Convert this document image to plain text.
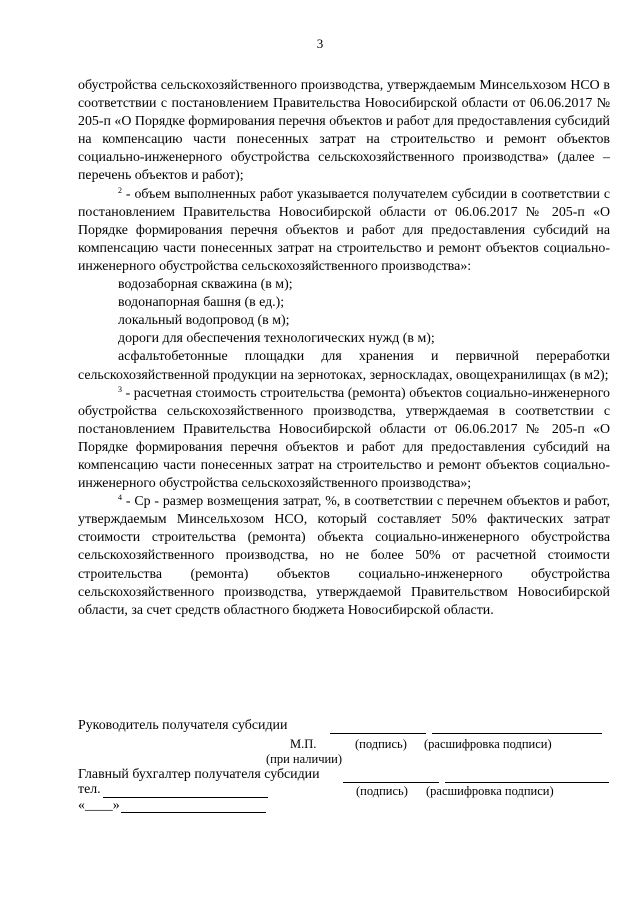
3

обустройства сельскохозяйственного производства, утверждаемым Минсельхозом НСО в соответствии с постановлением Правительства Новосибирской области от 06.06.2017 № 205-п «О Порядке формирования перечня объектов и работ для предоставления субсидий на компенсацию части понесенных затрат на строительство и ремонт объектов социально-инженерного обустройства сельскохозяйственного производства» (далее – перечень объектов и работ);

$^2$ - объем выполненных работ указывается получателем субсидии в соответствии с постановлением Правительства Новосибирской области от 06.06.2017 № 205-п «О Порядке формирования перечня объектов и работ для предоставления субсидий на компенсацию части понесенных затрат на строительство и ремонт объектов социально-инженерного обустройства сельскохозяйственного производства»:

водозаборная скважина (в м);

водонапорная башня (в ед.);

локальный водопровод (в м);

дороги для обеспечения технологических нужд (в м);

асфальтобетонные площадки для хранения и первичной переработки сельскохозяйственной продукции на зернотоках, зерноскладах, овощехранилищах (в м2);

$^3$ - расчетная стоимость строительства (ремонта) объектов социально-инженерного обустройства сельскохозяйственного производства, утверждаемая в соответствии с постановлением Правительства Новосибирской области от 06.06.2017 № 205-п «О Порядке формирования перечня объектов и работ для предоставления субсидий на компенсацию части понесенных затрат на строительство и ремонт объектов социально-инженерного обустройства сельскохозяйственного производства»;

$^4$ - Ср - размер возмещения затрат, %, в соответствии с перечнем объектов и работ, утверждаемым Минсельхозом НСО, который составляет 50% фактических затрат стоимости строительства (ремонта) объекта социально-инженерного обустройства сельскохозяйственного производства, но не более 50% от расчетной стоимости строительства (ремонта) объектов социально-инженерного обустройства сельскохозяйственного производства, утверждаемой Правительством Новосибирской области, за счет средств областного бюджета Новосибирской области.

Руководитель получателя субсидии
М.П.	(подпись) (расшифровка подписи)
(при наличии)
Главный бухгалтер получателя субсидии
тел.	(подпись) (расшифровка подписи)
«____»
